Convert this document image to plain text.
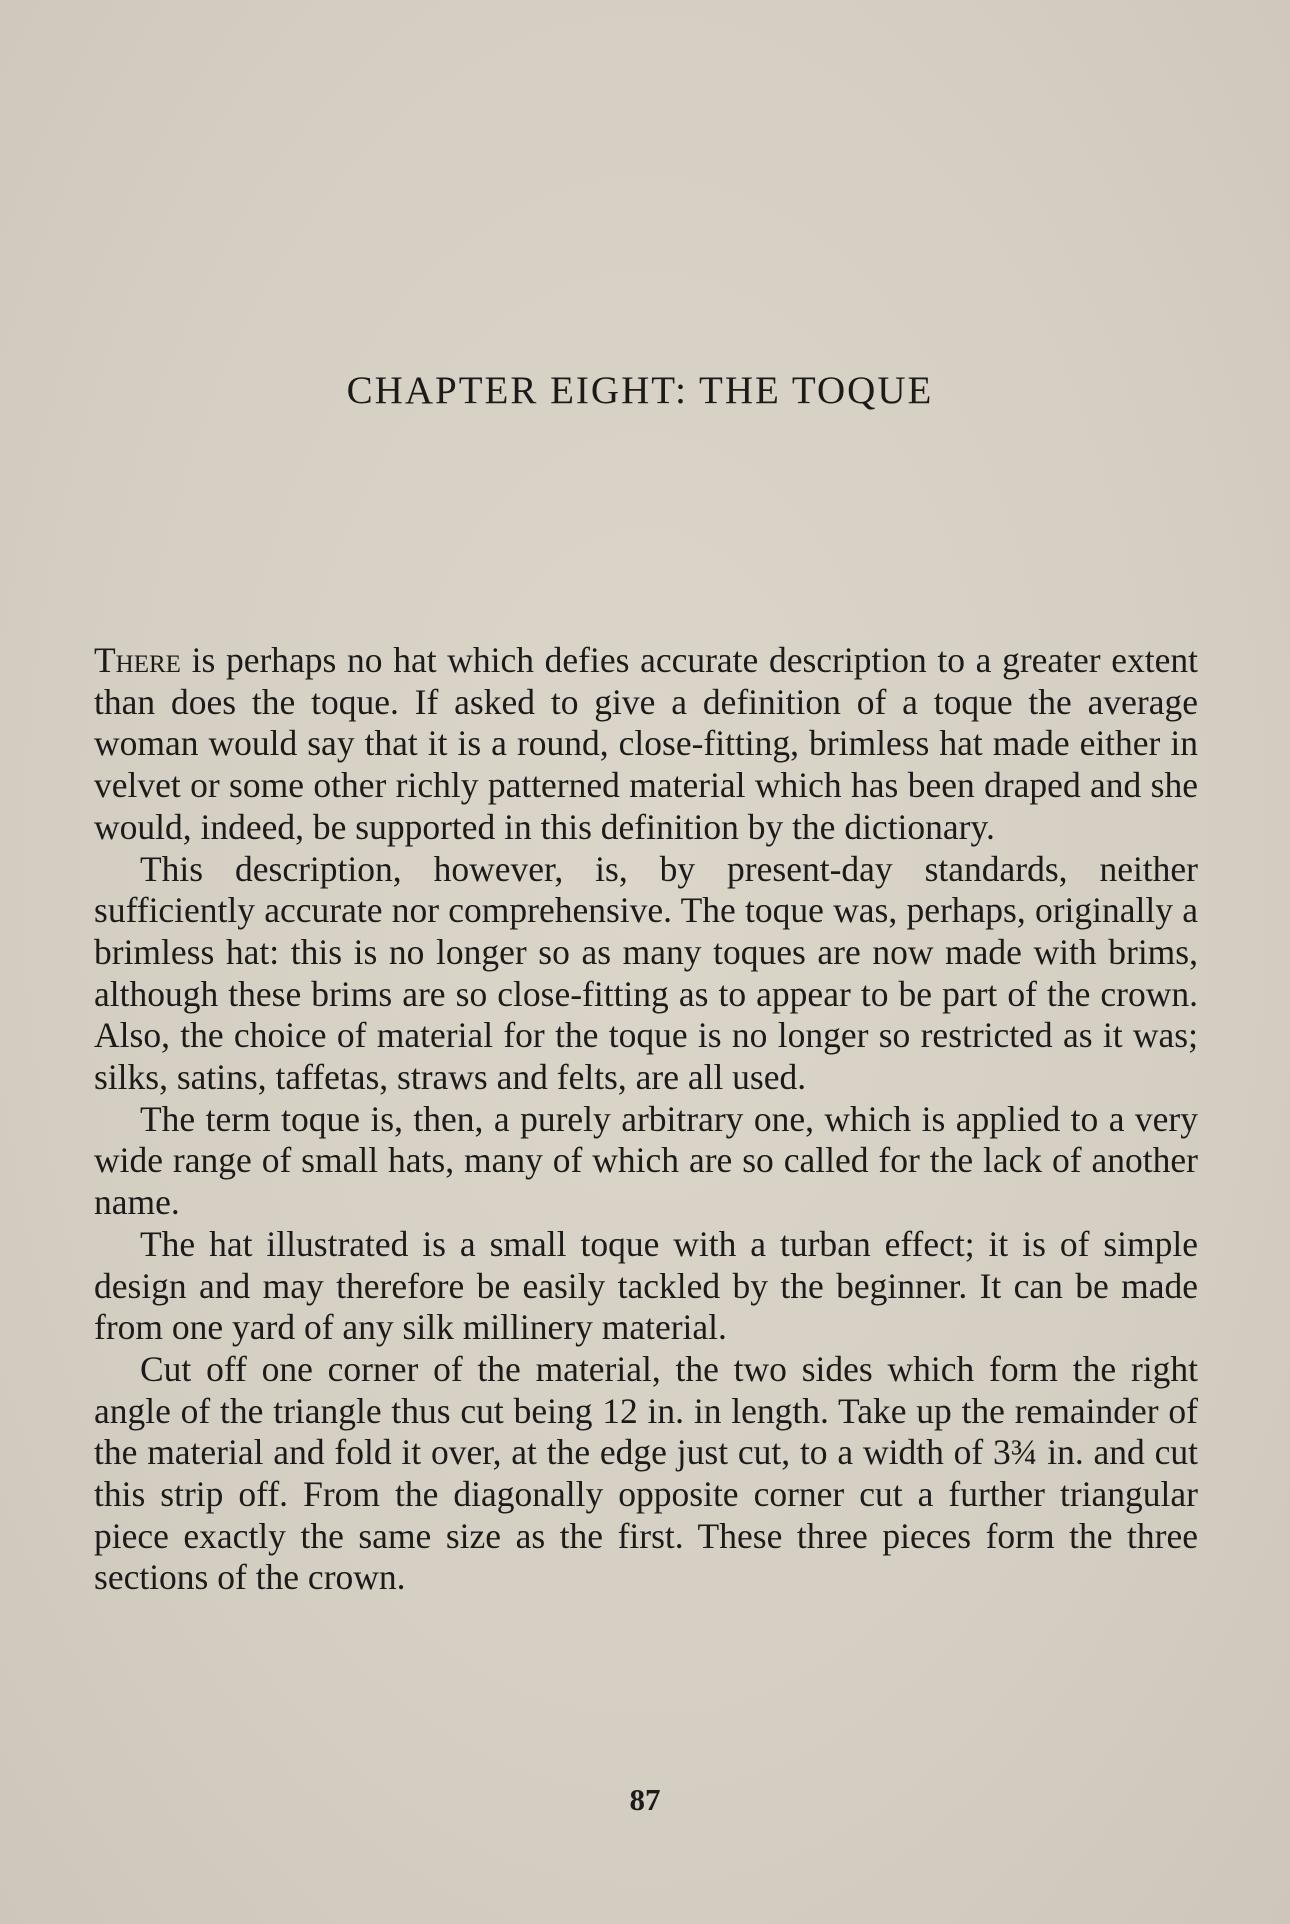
CHAPTER EIGHT: THE TOQUE

There is perhaps no hat which defies accurate description to a greater extent than does the toque. If asked to give a definition of a toque the average woman would say that it is a round, close-fitting, brimless hat made either in velvet or some other richly patterned material which has been draped and she would, indeed, be supported in this definition by the dictionary.

This description, however, is, by present-day standards, neither sufficiently accurate nor comprehensive. The toque was, perhaps, originally a brimless hat: this is no longer so as many toques are now made with brims, although these brims are so close-fitting as to appear to be part of the crown. Also, the choice of material for the toque is no longer so restricted as it was; silks, satins, taffetas, straws and felts, are all used.

The term toque is, then, a purely arbitrary one, which is applied to a very wide range of small hats, many of which are so called for the lack of another name.

The hat illustrated is a small toque with a turban effect; it is of simple design and may therefore be easily tackled by the beginner. It can be made from one yard of any silk millinery material.

Cut off one corner of the material, the two sides which form the right angle of the triangle thus cut being 12 in. in length. Take up the remainder of the material and fold it over, at the edge just cut, to a width of 3¾ in. and cut this strip off. From the diagonally opposite corner cut a further triangular piece exactly the same size as the first. These three pieces form the three sections of the crown.

87
